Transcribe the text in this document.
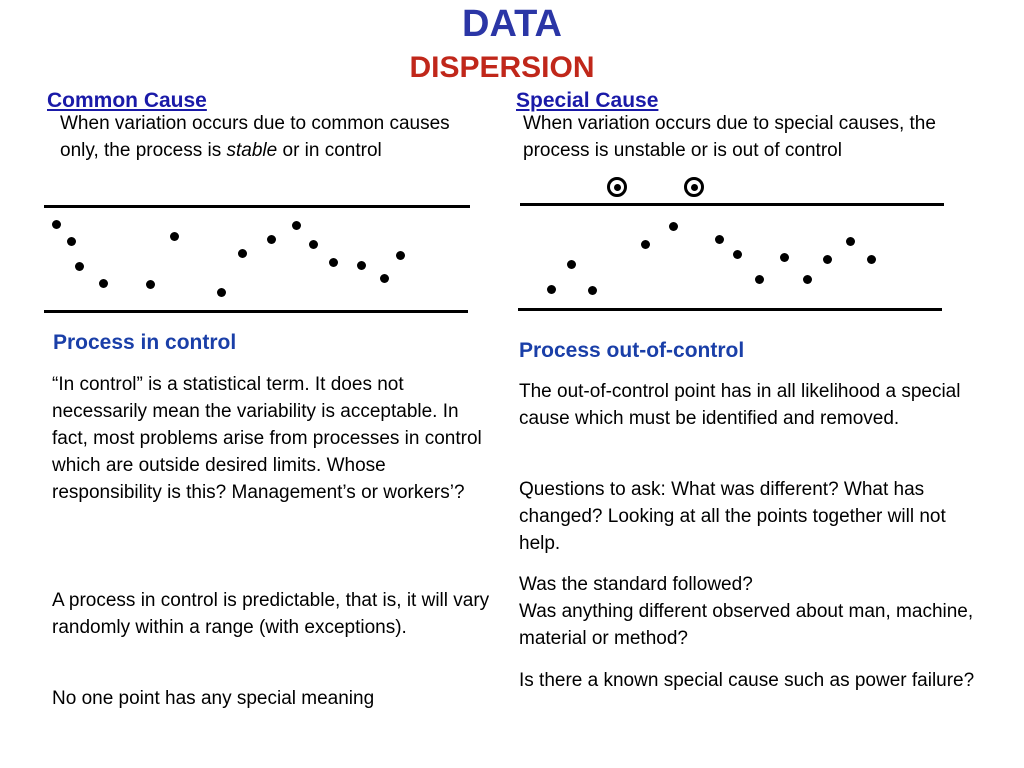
DATA
DISPERSION
Common Cause
When variation occurs due to common causes only, the process is stable or in control
Process in control
“In control” is a statistical term. It does not necessarily mean the variability is acceptable. In fact, most problems arise from processes in control which are outside desired limits. Whose responsibility is this? Management’s or workers’?
A process in control is predictable, that is, it will vary randomly within a range (with exceptions).
No one point has any special meaning
Special Cause
When variation occurs due to special causes, the process is unstable or is out of control
Process out-of-control
The out-of-control point has in all likelihood a special cause which must be identified and removed.
Questions to ask: What was different? What has changed? Looking at all the points together will not help.
Was the standard followed?
Was anything different observed about man, machine, material or method?
Is there a known special cause such as power failure?
